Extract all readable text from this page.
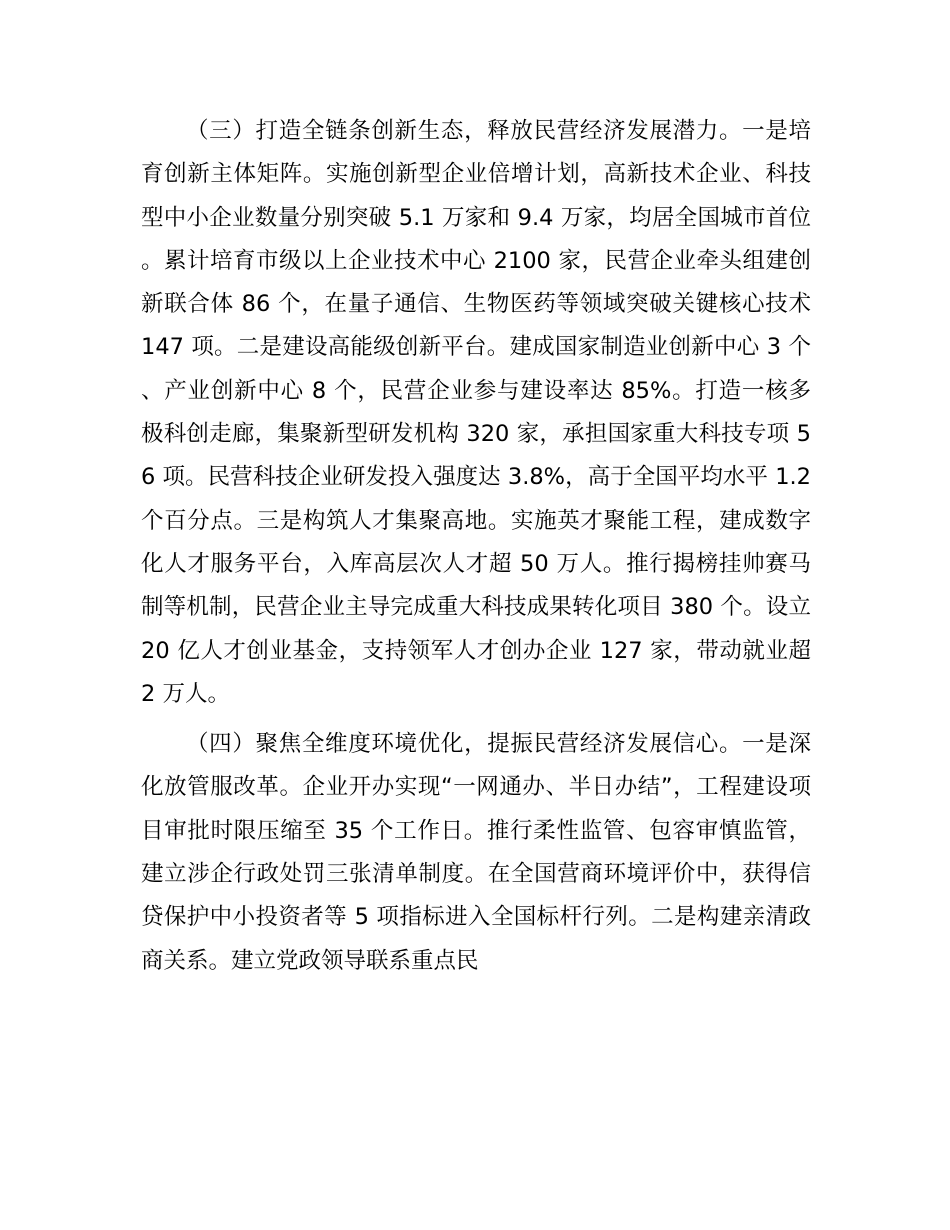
（三）打造全链条创新生态，释放民营经济发展潜力。一是培育创新主体矩阵。实施创新型企业倍增计划，高新技术企业、科技型中小企业数量分别突破 5.1 万家和 9.4 万家，均居全国城市首位。累计培育市级以上企业技术中心 2100 家，民营企业牵头组建创新联合体 86 个，在量子通信、生物医药等领域突破关键核心技术 147 项。二是建设高能级创新平台。建成国家制造业创新中心 3 个、产业创新中心 8 个，民营企业参与建设率达 85%。打造一核多极科创走廊，集聚新型研发机构 320 家，承担国家重大科技专项 56 项。民营科技企业研发投入强度达 3.8%，高于全国平均水平 1.2 个百分点。三是构筑人才集聚高地。实施英才聚能工程，建成数字化人才服务平台，入库高层次人才超 50 万人。推行揭榜挂帅赛马制等机制，民营企业主导完成重大科技成果转化项目 380 个。设立 20 亿人才创业基金，支持领军人才创办企业 127 家，带动就业超 2 万人。

（四）聚焦全维度环境优化，提振民营经济发展信心。一是深化放管服改革。企业开办实现“一网通办、半日办结”，工程建设项目审批时限压缩至 35 个工作日。推行柔性监管、包容审慎监管，建立涉企行政处罚三张清单制度。在全国营商环境评价中，获得信贷保护中小投资者等 5 项指标进入全国标杆行列。二是构建亲清政商关系。建立党政领导联系重点民
